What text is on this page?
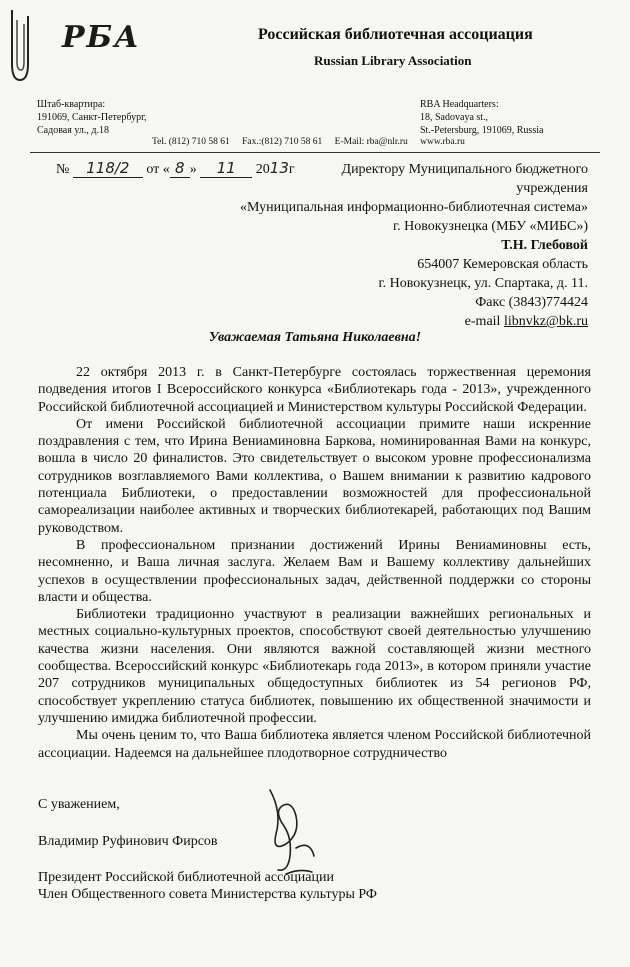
РБА	Российская библиотечная ассоциация
Russian Library Association
Штаб-квартира:
191069, Санкт-Петербург,
Садовая ул., д.18
RBA Headquarters:
18, Sadovaya st.,
St.-Petersburg, 191069, Russia
Tel. (812) 710 58 61 Fax.:(812) 710 58 61 E-Mail: rba@nlr.ru www.rba.ru
№ 118/2 от « 8 » 11 2013г	Директору Муниципального бюджетного
учреждения
«Муниципальная информационно-библиотечная система»
г. Новокузнецка (МБУ «МИБС»)
Т.Н. Глебовой
654007 Кемеровская область
г. Новокузнецк, ул. Спартака, д. 11.
Факс (3843)774424
e-mail libnvkz@bk.ru
Уважаемая Татьяна Николаевна!

22 октября 2013 г. в Санкт-Петербурге состоялась торжественная церемония подведения итогов I Всероссийского конкурса «Библиотекарь года - 2013», учрежденного Российской библиотечной ассоциацией и Министерством культуры Российской Федерации.

От имени Российской библиотечной ассоциации примите наши искренние поздравления с тем, что Ирина Вениаминовна Баркова, номинированная Вами на конкурс, вошла в число 20 финалистов. Это свидетельствует о высоком уровне профессионализма сотрудников возглавляемого Вами коллектива, о Вашем внимании к развитию кадрового потенциала Библиотеки, о предоставлении возможностей для профессиональной самореализации наиболее активных и творческих библиотекарей, работающих под Вашим руководством.

В профессиональном признании достижений Ирины Вениаминовны есть, несомненно, и Ваша личная заслуга. Желаем Вам и Вашему коллективу дальнейших успехов в осуществлении профессиональных задач, действенной поддержки со стороны власти и общества.

Библиотеки традиционно участвуют в реализации важнейших региональных и местных социально-культурных проектов, способствуют своей деятельностью улучшению качества жизни населения. Они являются важной составляющей жизни местного сообщества. Всероссийский конкурс «Библиотекарь года 2013», в котором приняли участие 207 сотрудников муниципальных общедоступных библиотек из 54 регионов РФ, способствует укреплению статуса библиотек, повышению их общественной значимости и улучшению имиджа библиотечной профессии.

Мы очень ценим то, что Ваша библиотека является членом Российской библиотечной ассоциации. Надеемся на дальнейшее плодотворное сотрудничество

С уважением,
Владимир Руфинович Фирсов
Президент Российской библиотечной ассоциации
Член Общественного совета Министерства культуры РФ
